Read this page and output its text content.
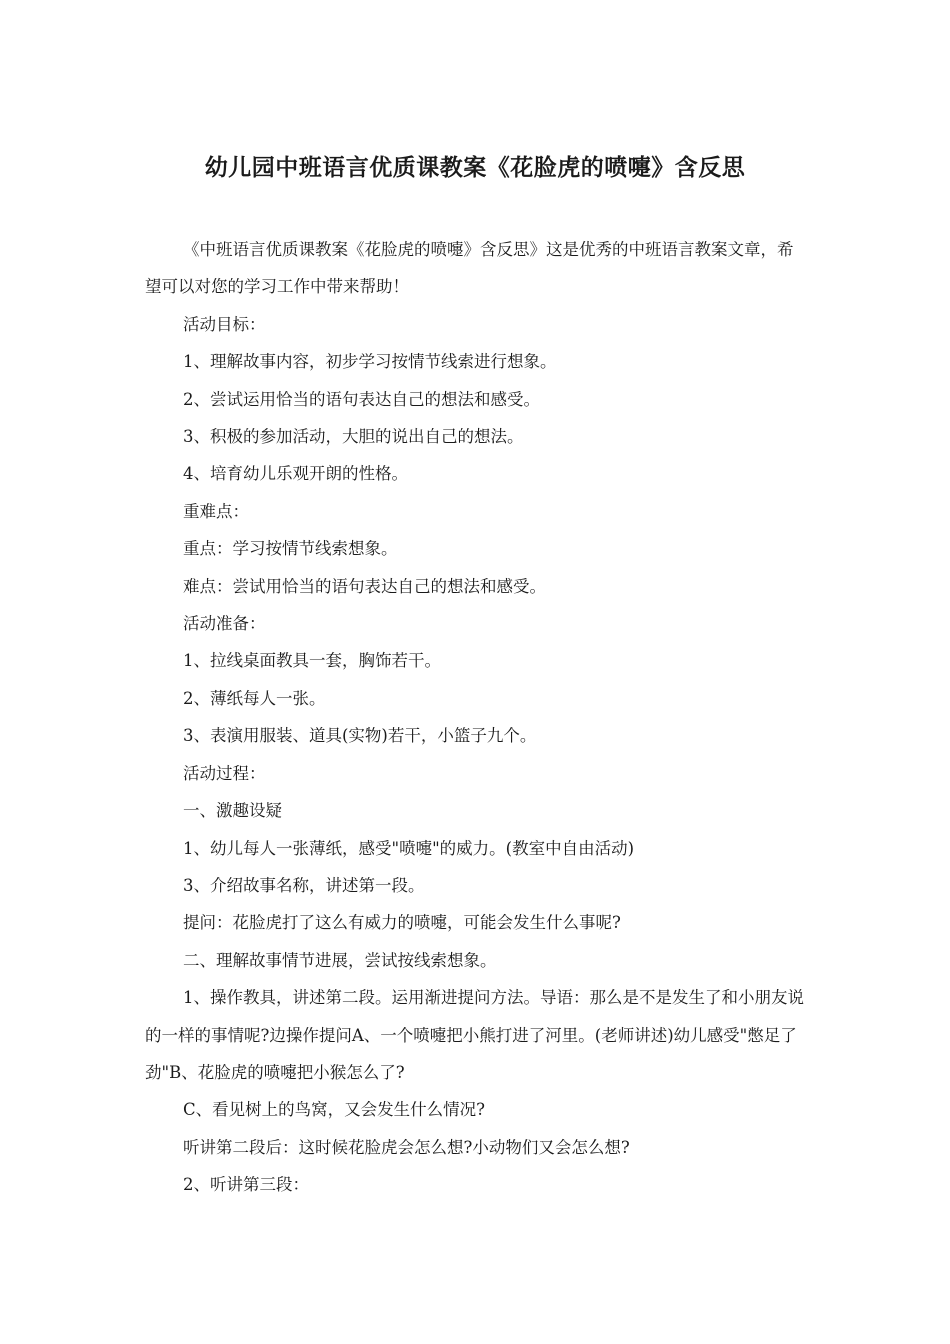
幼儿园中班语言优质课教案《花脸虎的喷嚏》含反思

《中班语言优质课教案《花脸虎的喷嚏》含反思》这是优秀的中班语言教案文章，希望可以对您的学习工作中带来帮助！

活动目标：

1、理解故事内容，初步学习按情节线索进行想象。

2、尝试运用恰当的语句表达自己的想法和感受。

3、积极的参加活动，大胆的说出自己的想法。

4、培育幼儿乐观开朗的性格。

重难点：

重点：学习按情节线索想象。

难点：尝试用恰当的语句表达自己的想法和感受。

活动准备：

1、拉线桌面教具一套，胸饰若干。

2、薄纸每人一张。

3、表演用服装、道具(实物)若干，小篮子九个。

活动过程：

一、激趣设疑

1、幼儿每人一张薄纸，感受"喷嚏"的威力。(教室中自由活动)

3、介绍故事名称，讲述第一段。

提问：花脸虎打了这么有威力的喷嚏，可能会发生什么事呢?

二、理解故事情节进展，尝试按线索想象。

1、操作教具，讲述第二段。运用渐进提问方法。导语：那么是不是发生了和小朋友说的一样的事情呢?边操作提问A、一个喷嚏把小熊打进了河里。(老师讲述)幼儿感受"憋足了劲"B、花脸虎的喷嚏把小猴怎么了?

C、看见树上的鸟窝，又会发生什么情况?

听讲第二段后：这时候花脸虎会怎么想?小动物们又会怎么想?

2、听讲第三段：
